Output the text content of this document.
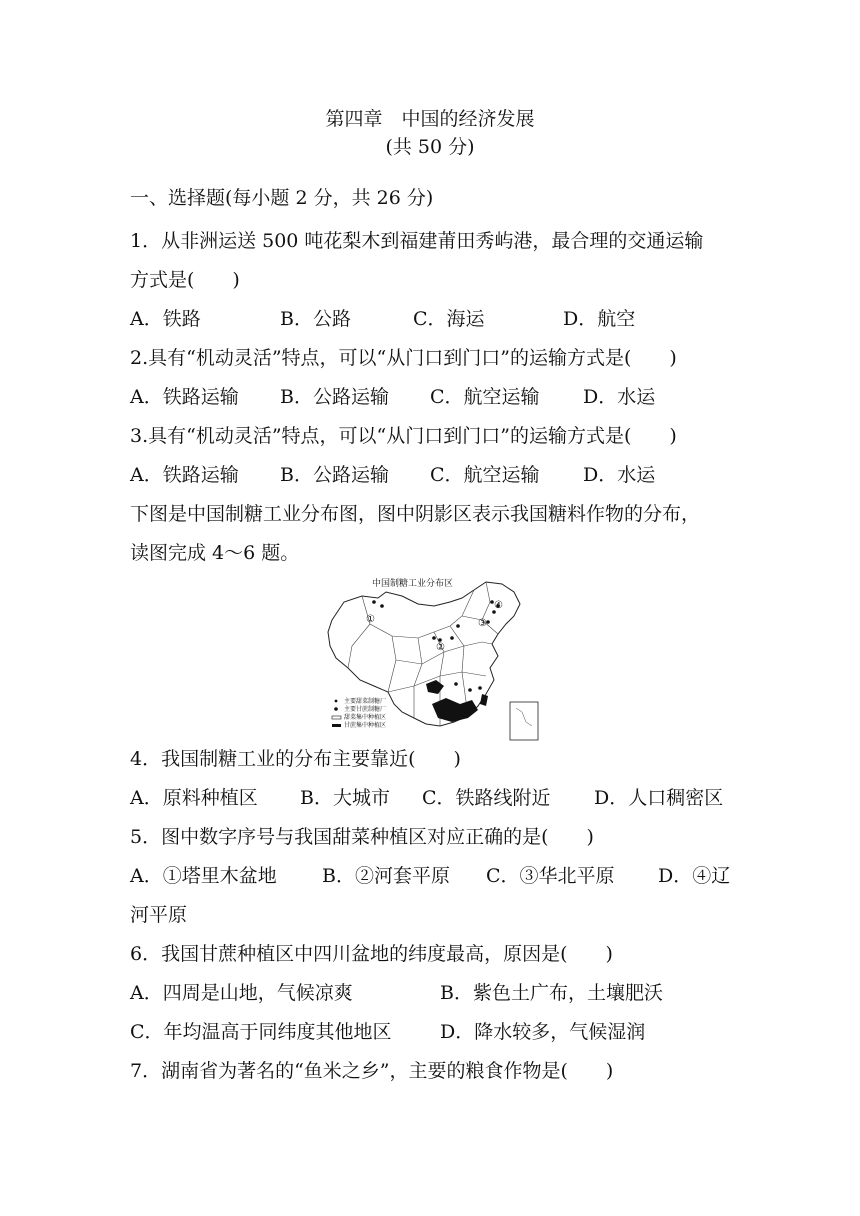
第四章　中国的经济发展
(共 50 分)
一、选择题(每小题 2 分，共 26 分)
1．从非洲运送 500 吨花梨木到福建莆田秀屿港，最合理的交通运输
方式是(　　)
A．铁路	B．公路	C．海运	D．航空
2.具有“机动灵活”特点，可以“从门口到门口”的运输方式是(　　)
A．铁路运输	B．公路运输	C．航空运输	D．水运
3.具有“机动灵活”特点，可以“从门口到门口”的运输方式是(　　)
A．铁路运输	B．公路运输	C．航空运输	D．水运
下图是中国制糖工业分布图，图中阴影区表示我国糖料作物的分布，
读图完成 4～6 题。
①
②
③
④
中国制糖工业分布区
主要甜菜制糖厂
主要甘蔗制糖厂
甜菜集中种植区
甘蔗集中种植区
4．我国制糖工业的分布主要靠近(　　)
A．原料种植区	B．大城市	C．铁路线附近	D．人口稠密区
5．图中数字序号与我国甜菜种植区对应正确的是(　　)
A．①塔里木盆地	B．②河套平原	C．③华北平原	D．④辽
河平原
6．我国甘蔗种植区中四川盆地的纬度最高，原因是(　　)
A．四周是山地，气候凉爽	B．紫色土广布，土壤肥沃
C．年均温高于同纬度其他地区	D．降水较多，气候湿润
7．湖南省为著名的“鱼米之乡”，主要的粮食作物是(　　)
